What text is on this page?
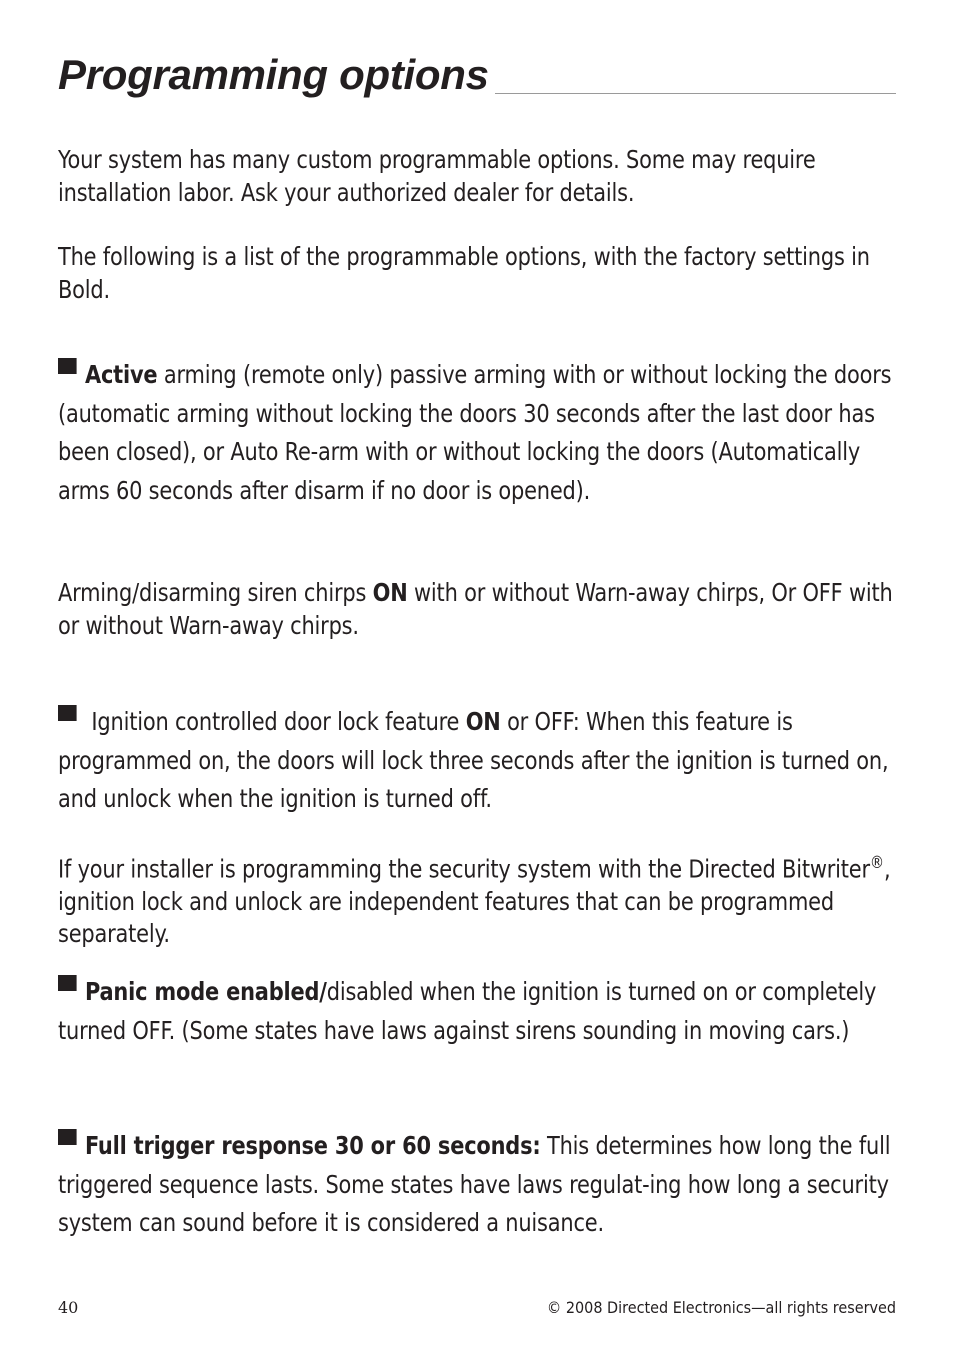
Programming options

Your system has many custom programmable options. Some may require installation labor. Ask your authorized dealer for details.

The following is a list of the programmable options, with the factory settings in Bold.

Active arming (remote only) passive arming with or without locking the doors (automatic arming without locking the doors 30 seconds after the last door has been closed), or Auto Re-arm with or without locking the doors (Automatically arms 60 seconds after disarm if no door is opened).

Arming/disarming siren chirps ON with or without Warn-away chirps, Or OFF with or without Warn-away chirps.

Ignition controlled door lock feature ON or OFF: When this feature is programmed on, the doors will lock three seconds after the ignition is turned on, and unlock when the ignition is turned off.

If your installer is programming the security system with the Directed Bitwriter®, ignition lock and unlock are independent features that can be programmed separately.

Panic mode enabled/disabled when the ignition is turned on or completely turned OFF. (Some states have laws against sirens sounding in moving cars.)

Full trigger response 30 or 60 seconds: This determines how long the full triggered sequence lasts. Some states have laws regulat-ing how long a security system can sound before it is considered a nuisance.

40	© 2008 Directed Electronics—all rights reserved
